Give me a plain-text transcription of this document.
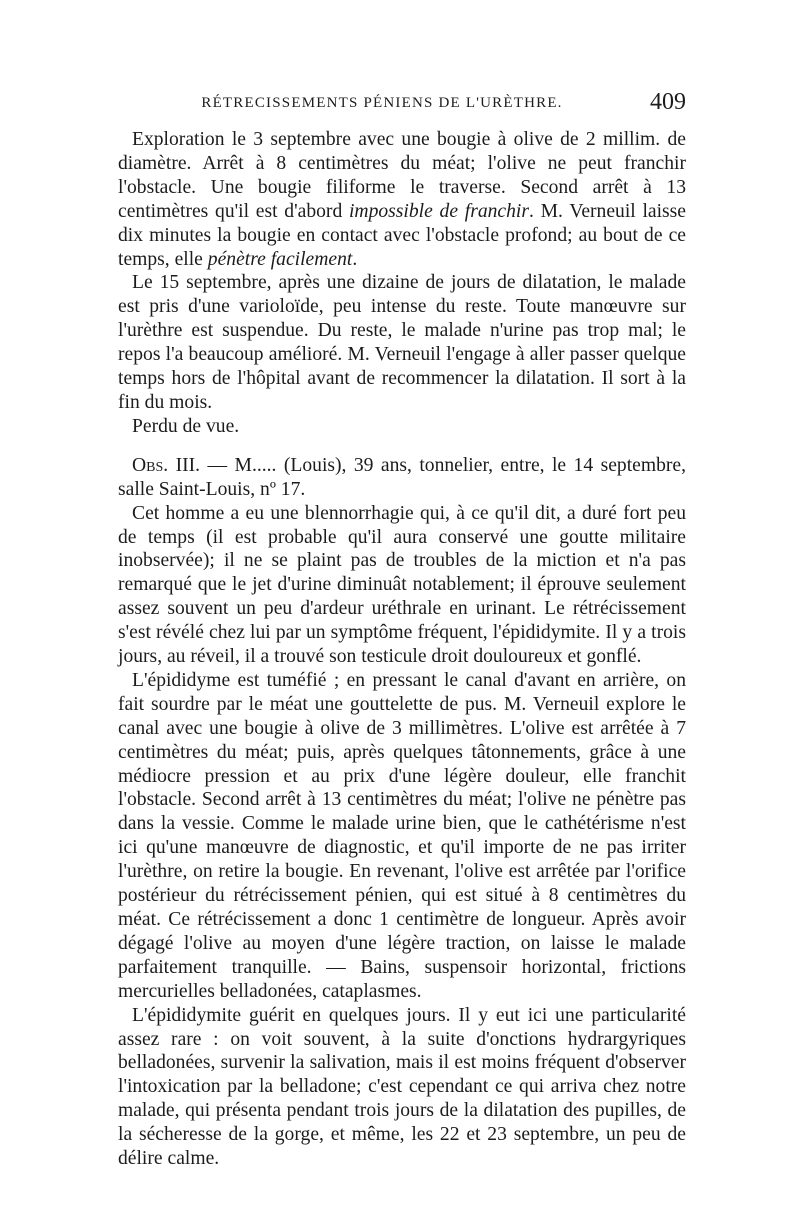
RÉTRECISSEMENTS PÉNIENS DE L'URÈTHRE.	409

Exploration le 3 septembre avec une bougie à olive de 2 millim. de diamètre. Arrêt à 8 centimètres du méat; l'olive ne peut franchir l'obstacle. Une bougie filiforme le traverse. Second arrêt à 13 centimètres qu'il est d'abord impossible de franchir. M. Verneuil laisse dix minutes la bougie en contact avec l'obstacle profond; au bout de ce temps, elle pénètre facilement.

Le 15 septembre, après une dizaine de jours de dilatation, le malade est pris d'une varioloïde, peu intense du reste. Toute manœuvre sur l'urèthre est suspendue. Du reste, le malade n'urine pas trop mal; le repos l'a beaucoup amélioré. M. Verneuil l'engage à aller passer quelque temps hors de l'hôpital avant de recommencer la dilatation. Il sort à la fin du mois.

Perdu de vue.

Obs. III. — M..... (Louis), 39 ans, tonnelier, entre, le 14 septembre, salle Saint-Louis, nº 17.

Cet homme a eu une blennorrhagie qui, à ce qu'il dit, a duré fort peu de temps (il est probable qu'il aura conservé une goutte militaire inobservée); il ne se plaint pas de troubles de la miction et n'a pas remarqué que le jet d'urine diminuât notablement; il éprouve seulement assez souvent un peu d'ardeur uréthrale en urinant. Le rétrécissement s'est révélé chez lui par un symptôme fréquent, l'épididymite. Il y a trois jours, au réveil, il a trouvé son testicule droit douloureux et gonflé.

L'épididyme est tuméfié ; en pressant le canal d'avant en arrière, on fait sourdre par le méat une gouttelette de pus. M. Verneuil explore le canal avec une bougie à olive de 3 millimètres. L'olive est arrêtée à 7 centimètres du méat; puis, après quelques tâtonnements, grâce à une médiocre pression et au prix d'une légère douleur, elle franchit l'obstacle. Second arrêt à 13 centimètres du méat; l'olive ne pénètre pas dans la vessie. Comme le malade urine bien, que le cathétérisme n'est ici qu'une manœuvre de diagnostic, et qu'il importe de ne pas irriter l'urèthre, on retire la bougie. En revenant, l'olive est arrêtée par l'orifice postérieur du rétrécissement pénien, qui est situé à 8 centimètres du méat. Ce rétrécissement a donc 1 centimètre de longueur. Après avoir dégagé l'olive au moyen d'une légère traction, on laisse le malade parfaitement tranquille. — Bains, suspensoir horizontal, frictions mercurielles belladonées, cataplasmes.

L'épididymite guérit en quelques jours. Il y eut ici une particularité assez rare : on voit souvent, à la suite d'onctions hydrargyriques belladonées, survenir la salivation, mais il est moins fréquent d'observer l'intoxication par la belladone; c'est cependant ce qui arriva chez notre malade, qui présenta pendant trois jours de la dilatation des pupilles, de la sécheresse de la gorge, et même, les 22 et 23 septembre, un peu de délire calme.
